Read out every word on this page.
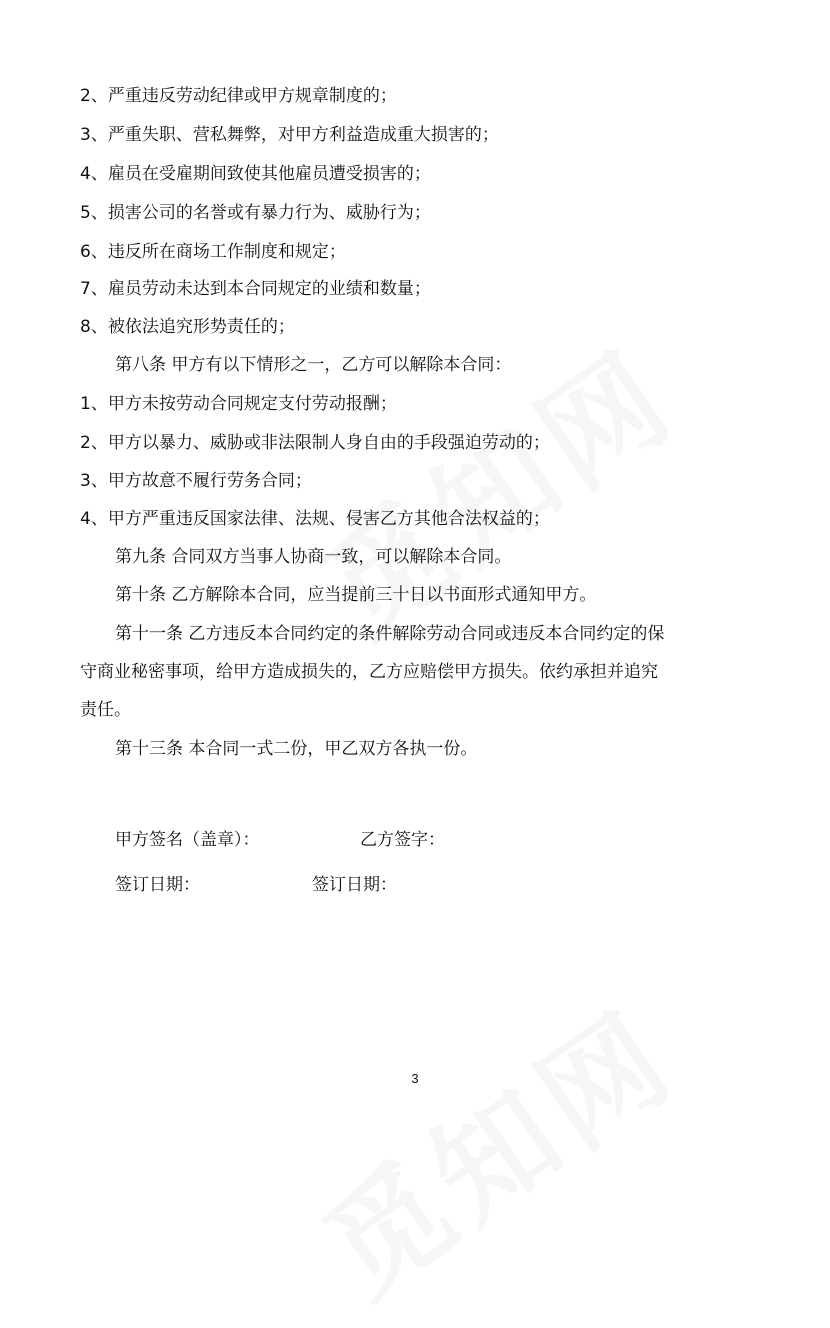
2、严重违反劳动纪律或甲方规章制度的；
3、严重失职、营私舞弊，对甲方利益造成重大损害的；
4、雇员在受雇期间致使其他雇员遭受损害的；
5、损害公司的名誉或有暴力行为、威胁行为；
6、违反所在商场工作制度和规定；
7、雇员劳动未达到本合同规定的业绩和数量；
8、被依法追究形势责任的；
第八条 甲方有以下情形之一，乙方可以解除本合同：
1、甲方未按劳动合同规定支付劳动报酬；
2、甲方以暴力、威胁或非法限制人身自由的手段强迫劳动的；
3、甲方故意不履行劳务合同；
4、甲方严重违反国家法律、法规、侵害乙方其他合法权益的；
第九条 合同双方当事人协商一致，可以解除本合同。
第十条 乙方解除本合同，应当提前三十日以书面形式通知甲方。
第十一条 乙方违反本合同约定的条件解除劳动合同或违反本合同约定的保
守商业秘密事项，给甲方造成损失的，乙方应赔偿甲方损失。依约承担并追究
责任。
第十三条 本合同一式二份，甲乙双方各执一份。
甲方签名（盖章）：	乙方签字：
签订日期：	签订日期：
3
